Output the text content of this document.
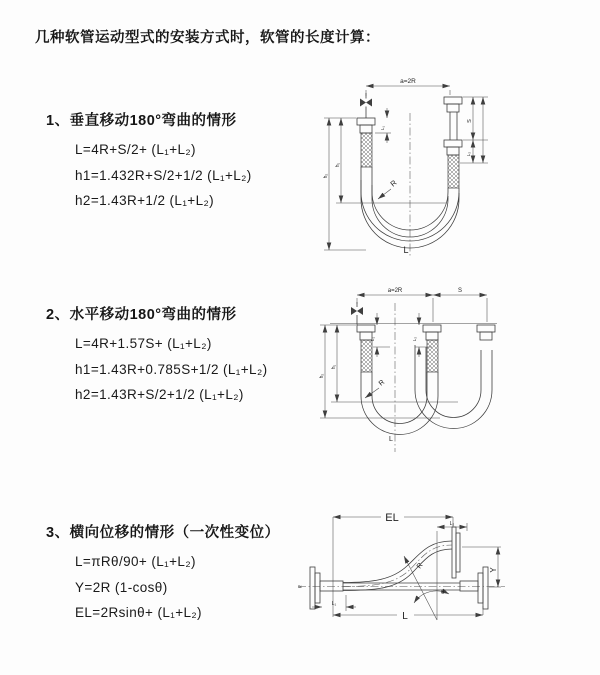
几种软管运动型式的安装方式时，软管的长度计算：
1、垂直移动180°弯曲的情形
L=4R+S/2+ (L₁+L₂)
h1=1.432R+S/2+1/2 (L₁+L₂)
h2=1.43R+1/2 (L₁+L₂)
2、水平移动180°弯曲的情形
L=4R+1.57S+ (L₁+L₂)
h1=1.43R+0.785S+1/2 (L₁+L₂)
h2=1.43R+S/2+1/2 (L₁+L₂)
3、横向位移的情形（一次性变位）
L=πRθ/90+ (L₁+L₂)
Y=2R (1-cosθ)
EL=2Rsinθ+ (L₁+L₂)
a=2R
R
h₁
h₂
S
L₂
L₁
L
a=2R	S
R
h₁
h₂
L₁	L₂
L
≈
EL	L₂
Y
θ
R
L
L₁
